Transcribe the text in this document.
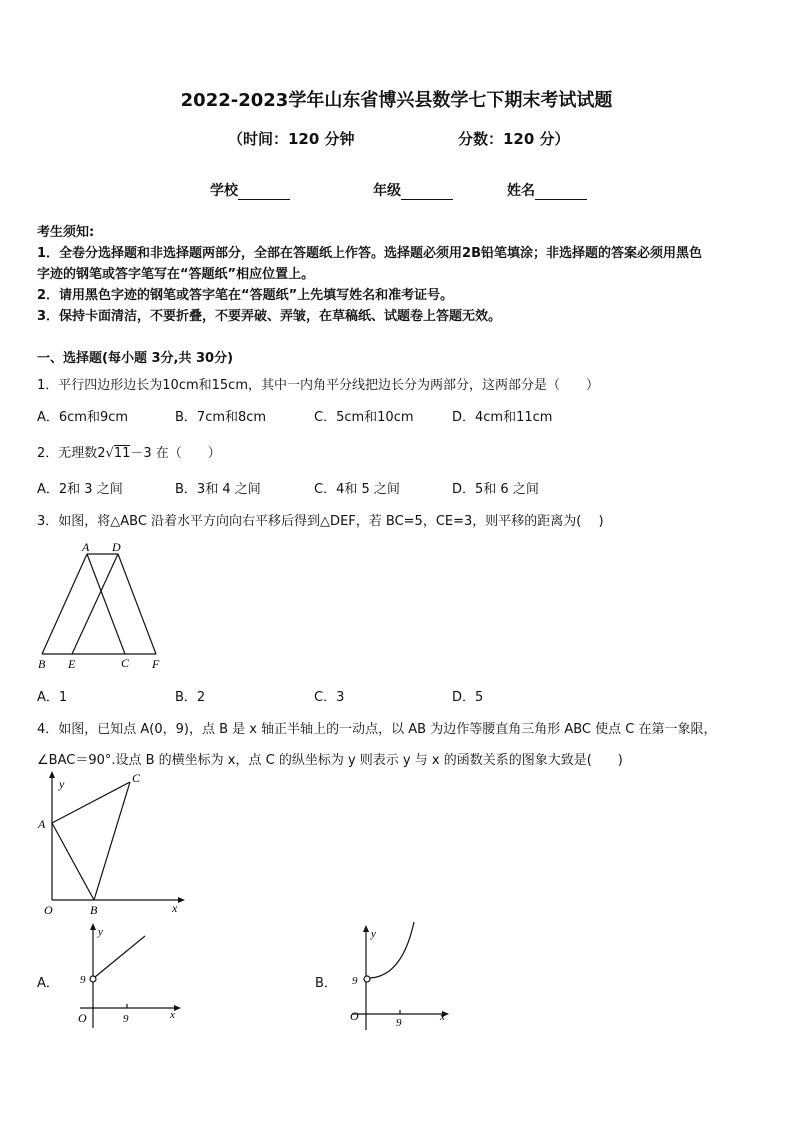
2022-2023学年山东省博兴县数学七下期末考试试题
（时间：120 分钟	分数：120 分）
学校	年级	姓名
考生须知:
1．全卷分选择题和非选择题两部分，全部在答题纸上作答。选择题必须用2B铅笔填涂；非选择题的答案必须用黑色
字迹的钢笔或答字笔写在“答题纸”相应位置上。
2．请用黑色字迹的钢笔或答字笔在“答题纸”上先填写姓名和准考证号。
3．保持卡面清洁，不要折叠，不要弄破、弄皱，在草稿纸、试题卷上答题无效。
一、选择题(每小题 3分,共 30分)
1．平行四边形边长为10cm和15cm，其中一内角平分线把边长分为两部分，这两部分是（　　）
A．6cm和9cm	B．7cm和8cm	C．5cm和10cm	D．4cm和11cm
2．无理数2√11－3 在（　　）
A．2和 3 之间	B．3和 4 之间	C．4和 5 之间	D．5和 6 之间
3．如图，将△ABC 沿着水平方向向右平移后得到△DEF，若 BC=5，CE=3，则平移的距离为(　 )
A D
B E	C F
A．1	B．2	C．3	D．5
4．如图，已知点 A(0，9)，点 B 是 x 轴正半轴上的一动点，以 AB 为边作等腰直角三角形 ABC 使点 C 在第一象限，
∠BAC＝90°.设点 B 的横坐标为 x，点 C 的纵坐标为 y 则表示 y 与 x 的函数关系的图象大致是(　　)
y	C
A
O	B	x
A．
y
9
O	9	x
B．
y
9
O	9	x
